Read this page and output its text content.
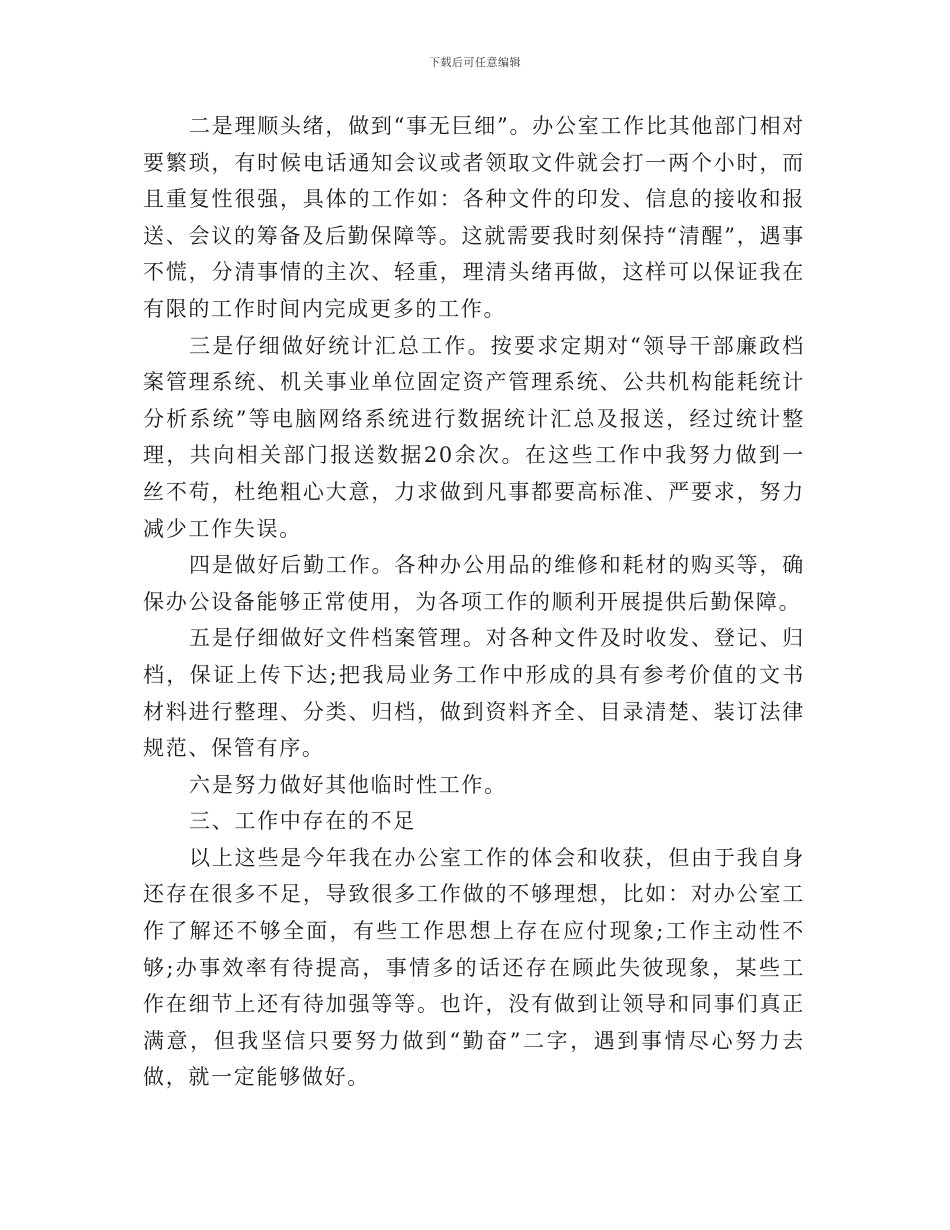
下载后可任意编辑

二是理顺头绪，做到“事无巨细”。办公室工作比其他部门相对要繁琐，有时候电话通知会议或者领取文件就会打一两个小时，而且重复性很强，具体的工作如：各种文件的印发、信息的接收和报送、会议的筹备及后勤保障等。这就需要我时刻保持“清醒”，遇事不慌，分清事情的主次、轻重，理清头绪再做，这样可以保证我在有限的工作时间内完成更多的工作。

三是仔细做好统计汇总工作。按要求定期对“领导干部廉政档案管理系统、机关事业单位固定资产管理系统、公共机构能耗统计分析系统”等电脑网络系统进行数据统计汇总及报送，经过统计整理，共向相关部门报送数据20余次。在这些工作中我努力做到一丝不苟，杜绝粗心大意，力求做到凡事都要高标准、严要求，努力减少工作失误。

四是做好后勤工作。各种办公用品的维修和耗材的购买等，确保办公设备能够正常使用，为各项工作的顺利开展提供后勤保障。

五是仔细做好文件档案管理。对各种文件及时收发、登记、归档，保证上传下达;把我局业务工作中形成的具有参考价值的文书材料进行整理、分类、归档，做到资料齐全、目录清楚、装订法律规范、保管有序。

六是努力做好其他临时性工作。

三、工作中存在的不足

以上这些是今年我在办公室工作的体会和收获，但由于我自身还存在很多不足，导致很多工作做的不够理想，比如：对办公室工作了解还不够全面，有些工作思想上存在应付现象;工作主动性不够;办事效率有待提高，事情多的话还存在顾此失彼现象，某些工作在细节上还有待加强等等。也许，没有做到让领导和同事们真正满意，但我坚信只要努力做到“勤奋”二字，遇到事情尽心努力去做，就一定能够做好。
